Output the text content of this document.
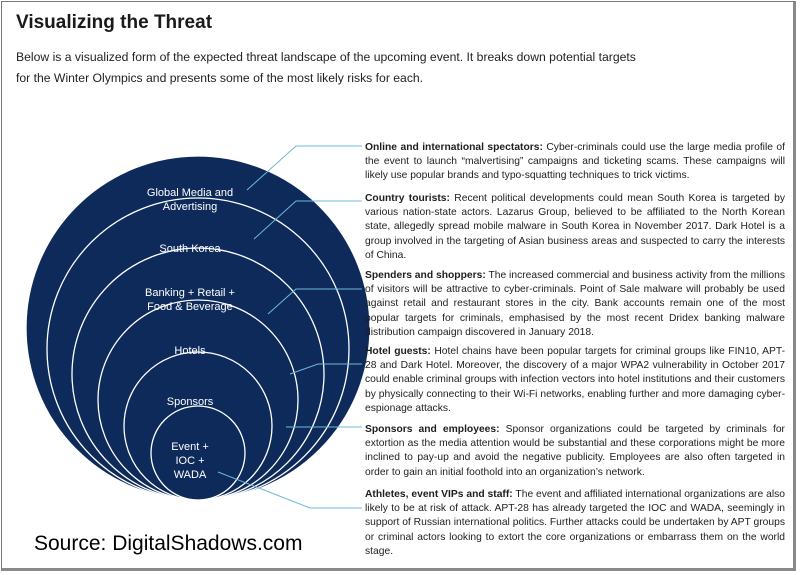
Visualizing the Threat

Below is a visualized form of the expected threat landscape of the upcoming event. It breaks down potential targets for the Winter Olympics and presents some of the most likely risks for each.

Global Media and
Advertising
South Korea
Banking + Retail +
Food & Beverage
Hotels
Sponsors
Event +
IOC +
WADA

Online and international spectators: Cyber-criminals could use the large media profile of the event to launch “malvertising” campaigns and ticketing scams. These campaigns will likely use popular brands and typo-squatting techniques to trick victims.

Country tourists: Recent political developments could mean South Korea is targeted by various nation-state actors. Lazarus Group, believed to be affiliated to the North Korean state, allegedly spread mobile malware in South Korea in November 2017. Dark Hotel is a group involved in the targeting of Asian business areas and suspected to carry the interests of China.

Spenders and shoppers: The increased commercial and business activity from the millions of visitors will be attractive to cyber-criminals. Point of Sale malware will probably be used against retail and restaurant stores in the city. Bank accounts remain one of the most popular targets for criminals, emphasised by the most recent Dridex banking malware distribution campaign discovered in January 2018.

Hotel guests: Hotel chains have been popular targets for criminal groups like FIN10, APT-28 and Dark Hotel. Moreover, the discovery of a major WPA2 vulnerability in October 2017 could enable criminal groups with infection vectors into hotel institutions and their customers by physically connecting to their Wi-Fi networks, enabling further and more damaging cyber-espionage attacks.

Sponsors and employees: Sponsor organizations could be targeted by criminals for extortion as the media attention would be substantial and these corporations might be more inclined to pay-up and avoid the negative publicity. Employees are also often targeted in order to gain an initial foothold into an organization’s network.

Athletes, event VIPs and staff: The event and affiliated international organizations are also likely to be at risk of attack. APT-28 has already targeted the IOC and WADA, seemingly in support of Russian international politics. Further attacks could be undertaken by APT groups or criminal actors looking to extort the core organizations or embarrass them on the world stage.

Source: DigitalShadows.com
